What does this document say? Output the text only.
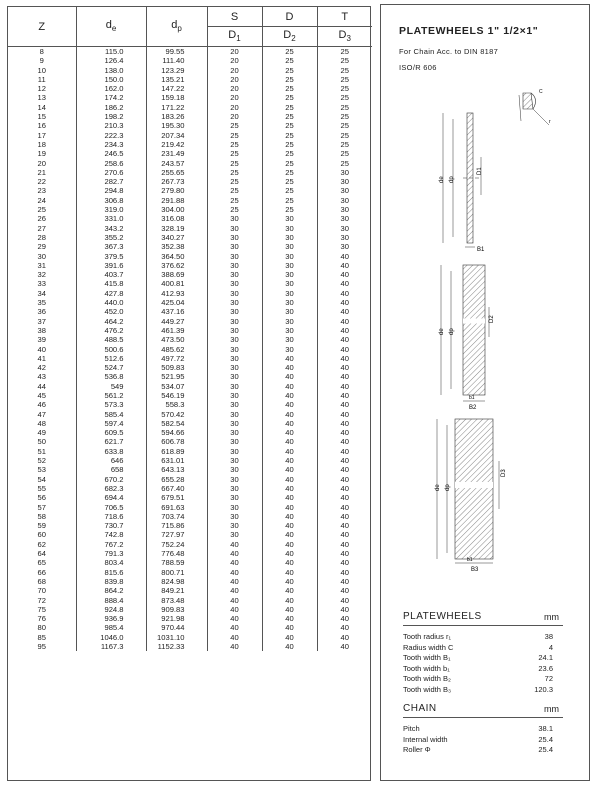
Z	$d_e$	$d_p$	S	D	T
			$D_1$	$D_2$	$D_3$
8	115.0	99.55	20	25	25
9	126.4	111.40	20	25	25
10	138.0	123.29	20	25	25
11	150.0	135.21	20	25	25
12	162.0	147.22	20	25	25
13	174.2	159.18	20	25	25
14	186.2	171.22	20	25	25
15	198.2	183.26	20	25	25
16	210.3	195.30	25	25	25
17	222.3	207.34	25	25	25
18	234.3	219.42	25	25	25
19	246.5	231.49	25	25	25
20	258.6	243.57	25	25	25
21	270.6	255.65	25	25	30
22	282.7	267.73	25	25	30
23	294.8	279.80	25	25	30
24	306.8	291.88	25	25	30
25	319.0	304.00	25	25	30
26	331.0	316.08	30	30	30
27	343.2	328.19	30	30	30
28	355.2	340.27	30	30	30
29	367.3	352.38	30	30	30
30	379.5	364.50	30	30	40
31	391.6	376.62	30	30	40
32	403.7	388.69	30	30	40
33	415.8	400.81	30	30	40
34	427.8	412.93	30	30	40
35	440.0	425.04	30	30	40
36	452.0	437.16	30	30	40
37	464.2	449.27	30	30	40
38	476.2	461.39	30	30	40
39	488.5	473.50	30	30	40
40	500.6	485.62	30	30	40
41	512.6	497.72	30	40	40
42	524.7	509.83	30	40	40
43	536.8	521.95	30	40	40
44	549	534.07	30	40	40
45	561.2	546.19	30	40	40
46	573.3	558.3	30	40	40
47	585.4	570.42	30	40	40
48	597.4	582.54	30	40	40
49	609.5	594.66	30	40	40
50	621.7	606.78	30	40	40
51	633.8	618.89	30	40	40
52	646	631.01	30	40	40
53	658	643.13	30	40	40
54	670.2	655.28	30	40	40
55	682.3	667.40	30	40	40
56	694.4	679.51	30	40	40
57	706.5	691.63	30	40	40
58	718.6	703.74	30	40	40
59	730.7	715.86	30	40	40
60	742.8	727.97	30	40	40
62	767.2	752.24	40	40	40
64	791.3	776.48	40	40	40
65	803.4	788.59	40	40	40
66	815.6	800.71	40	40	40
68	839.8	824.98	40	40	40
70	864.2	849.21	40	40	40
72	888.4	873.48	40	40	40
75	924.8	909.83	40	40	40
76	936.9	921.98	40	40	40
80	985.4	970.44	40	40	40
85	1046.0	1031.10	40	40	40
95	1167.3	1152.33	40	40	40
PLATEWHEELS 1" 1/2×1"
For Chain Acc. to DIN 8187
ISO/R 606
C
r
de dp
D1
B1
de dp
D2
b1
B2
de dp
D3
b1
B3
PLATEWHEELS	mm
Tooth radius r₁	38
Radius width C	4
Tooth width B₁	24.1
Tooth width b₁	23.6
Tooth width B₂	72
Tooth width B₃	120.3
CHAIN	mm
Pitch	38.1
Internal width	25.4
Roller Φ	25.4
